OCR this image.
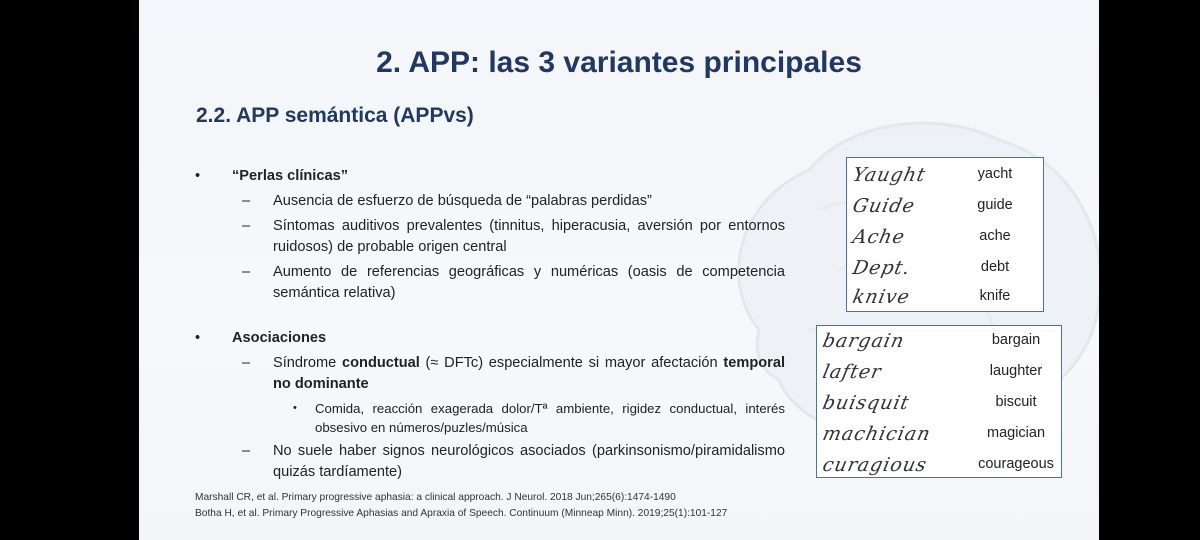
2. APP: las 3 variantes principales
2.2. APP semántica (APPvs)
• “Perlas clínicas”
– Ausencia de esfuerzo de búsqueda de “palabras perdidas”
– Síntomas auditivos prevalentes (tinnitus, hiperacusia, aversión por entornos ruidosos) de probable origen central
– Aumento de referencias geográficas y numéricas (oasis de competencia semántica relativa)
• Asociaciones
– Síndrome conductual (≈ DFTc) especialmente si mayor afectación temporal no dominante
• Comida, reacción exagerada dolor/Tª ambiente, rigidez conductual, interés obsesivo en números/puzles/música
– No suele haber signos neurológicos asociados (parkinsonismo/piramidalismo quizás tardíamente)
Marshall CR, et al. Primary progressive aphasia: a clinical approach. J Neurol. 2018 Jun;265(6):1474-1490
Botha H, et al. Primary Progressive Aphasias and Apraxia of Speech. Continuum (Minneap Minn). 2019;25(1):101-127
Yaught	yacht
Guide	guide
Ache	ache
Dept.	debt
knive	knife
bargain	bargain
lafter	laughter
buisquit	biscuit
machician	magician
curagious	courageous
